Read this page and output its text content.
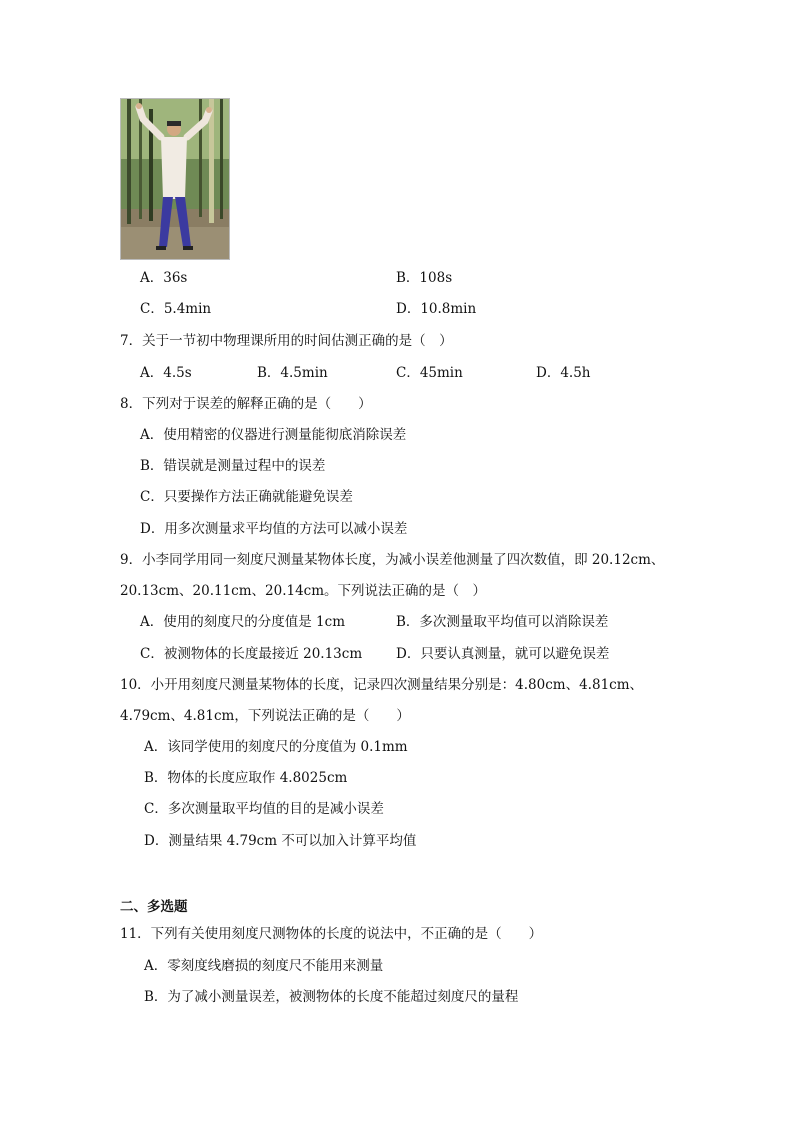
A．36s	B．108s
C．5.4min	D．10.8min
7．关于一节初中物理课所用的时间估测正确的是（　）
A．4.5s	B．4.5min	C．45min	D．4.5h
8．下列对于误差的解释正确的是（　　）
A．使用精密的仪器进行测量能彻底消除误差
B．错误就是测量过程中的误差
C．只要操作方法正确就能避免误差
D．用多次测量求平均值的方法可以减小误差
9．小李同学用同一刻度尺测量某物体长度，为减小误差他测量了四次数值，即 20.12cm、
20.13cm、20.11cm、20.14cm。下列说法正确的是（　）
A．使用的刻度尺的分度值是 1cm	B．多次测量取平均值可以消除误差
C．被测物体的长度最接近 20.13cm	D．只要认真测量，就可以避免误差
10．小开用刻度尺测量某物体的长度，记录四次测量结果分别是：4.80cm、4.81cm、
4.79cm、4.81cm，下列说法正确的是（　　）
A．该同学使用的刻度尺的分度值为 0.1mm
B．物体的长度应取作 4.8025cm
C．多次测量取平均值的目的是减小误差
D．测量结果 4.79cm 不可以加入计算平均值
二、多选题
11．下列有关使用刻度尺测物体的长度的说法中，不正确的是（　　）
A．零刻度线磨损的刻度尺不能用来测量
B．为了减小测量误差，被测物体的长度不能超过刻度尺的量程
